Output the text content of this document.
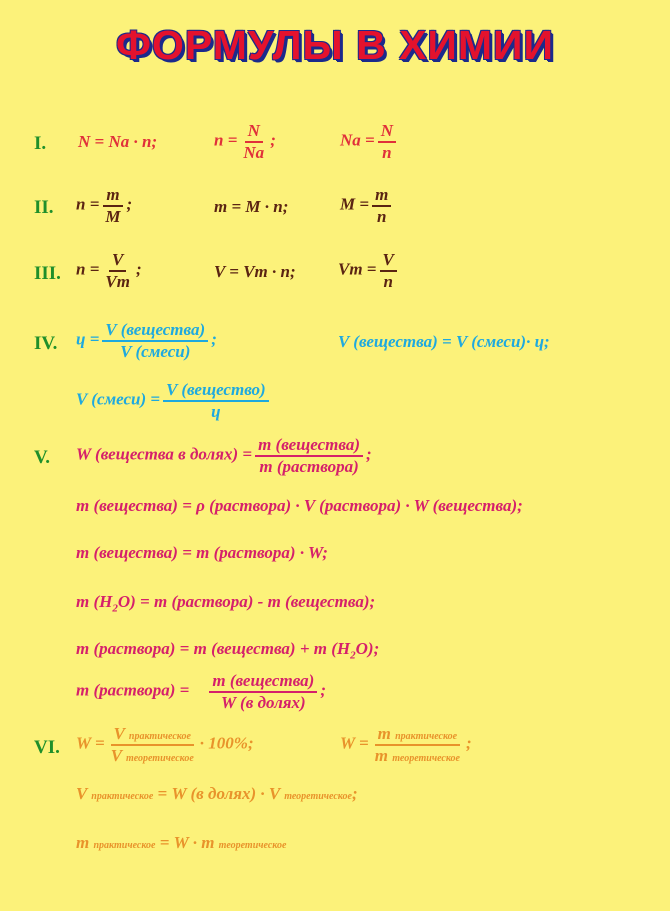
ФОРМУЛЫ В ХИМИИ
I. N = Na · n;	$n = \frac{N}{Na}$ ;	$Na = \frac{N}{n}$
II. $n = \frac{m}{M}$ ;	m = M · n;	$M = \frac{m}{n}$
III. $n = \frac{V}{Vm}$ ;	V = Vm · n; $Vm = \frac{V}{n}$
IV. ɥ = $\frac{\text{V (вещества)}}{\text{V (смеси)}}$ ;	V (вещества) = V (смеси)· ɥ;
V (смеси) = $\frac{\text{V (вещество)}}{\text{ɥ}}$
V. W (вещества в долях) = $\frac{\text{m (вещества)}}{\text{m (раствора)}}$ ;
m (вещества) = ρ (раствора) · V (раствора) · W (вещества);
m (вещества) = m (раствора) · W;
m $(H_2O) = m$ (раствора) - m (вещества);
m (раствора) = m (вещества) + m $(H_2O)$;
m (раствора) = $\frac{\text{m (вещества)}}{\text{W (в долях)}}$ ;
VI. $W = \frac{\text{V практическое}}{\text{V теоретическое}} \cdot 100\%$;	$W = \frac{\text{m практическое}}{\text{m теоретическое}}$ ;
V практическое = W (в долях) · V теоретическое;
m практическое = W · m теоретическое
